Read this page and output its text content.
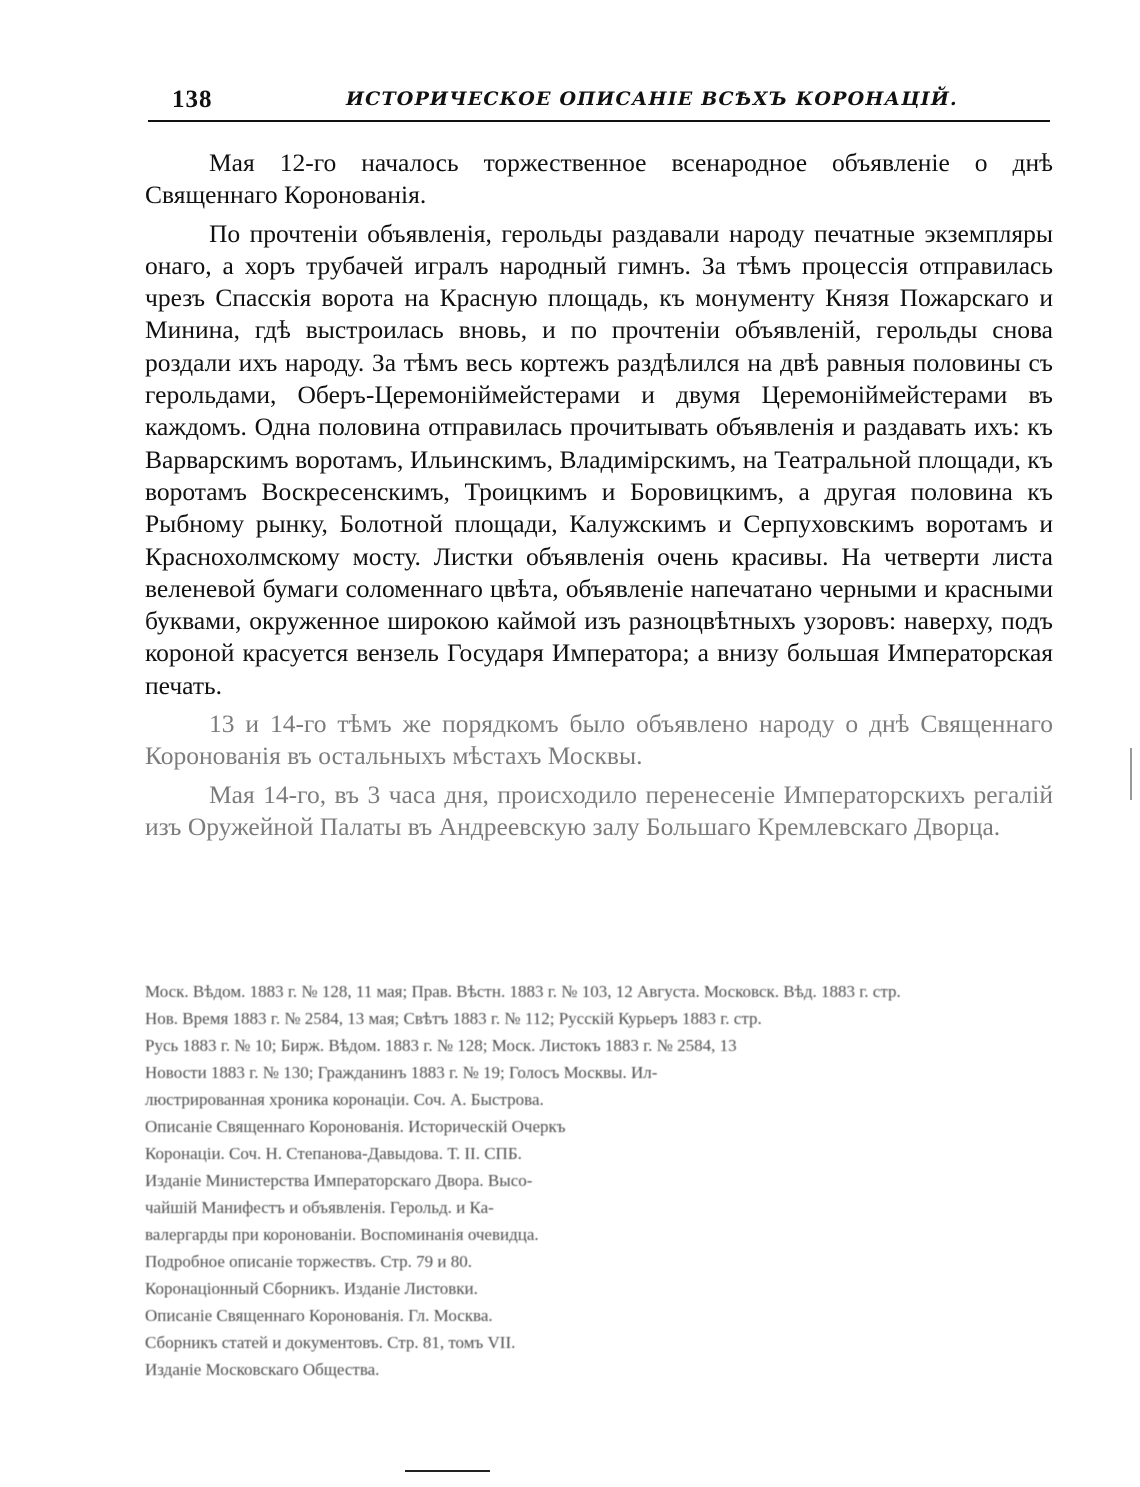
138	ИСТОРИЧЕСКОЕ ОПИСАНІЕ ВСѢХЪ КОРОНАЦІЙ.

Мая 12-го началось торжественное всенародное объявленіе о днѣ Священнаго Коронованія.

По прочтеніи объявленія, герольды раздавали народу печатные экземпляры онаго, а хоръ трубачей игралъ народный гимнъ. За тѣмъ процессія отправилась чрезъ Спасскія ворота на Красную площадь, къ монументу Князя Пожарскаго и Минина, гдѣ выстроилась вновь, и по прочтеніи объявленій, герольды снова роздали ихъ народу. За тѣмъ весь кортежъ раздѣлился на двѣ равныя половины съ герольдами, Оберъ-Церемоніймейстерами и двумя Церемоніймейстерами въ каждомъ. Одна половина отправилась прочитывать объявленія и раздавать ихъ: къ Варварскимъ воротамъ, Ильинскимъ, Владимірскимъ, на Театральной площади, къ воротамъ Воскресенскимъ, Троицкимъ и Боровицкимъ, а другая половина къ Рыбному рынку, Болотной площади, Калужскимъ и Серпуховскимъ воротамъ и Краснохолмскому мосту. Листки объявленія очень красивы. На четверти листа веленевой бумаги соломеннаго цвѣта, объявленіе напечатано черными и красными буквами, окруженное широкою каймой изъ разноцвѣтныхъ узоровъ: наверху, подъ короной красуется вензель Государя Императора; а внизу большая Императорская печать.

13 и 14-го тѣмъ же порядкомъ было объявлено народу о днѣ Священнаго Коронованія въ остальныхъ мѣстахъ Москвы.

Мая 14-го, въ 3 часа дня, происходило перенесеніе Императорскихъ регалій изъ Оружейной Палаты въ Андреевскую залу Большаго Кремлевскаго Дворца.

Моск. Вѣдом. 1883 г. № 128, 11 мая; Прав. Вѣстн. 1883 г. № 103, 12 Августа. Московск. Вѣд. 1883 г. стр.

Нов. Время 1883 г. № 2584, 13 мая; Свѣтъ 1883 г. № 112; Русскій Курьеръ 1883 г. стр.

Русь 1883 г. № 10; Бирж. Вѣдом. 1883 г. № 128; Моск. Листокъ 1883 г. № 2584, 13

Новости 1883 г. № 130; Гражданинъ 1883 г. № 19; Голосъ Москвы. Ил-

люстрированная хроника коронаціи. Соч. А. Быстрова.

Описаніе Священнаго Коронованія. Историческій Очеркъ

Коронаціи. Соч. Н. Степанова-Давыдова. Т. II. СПБ.

Изданіе Министерства Императорскаго Двора. Высо-

чайшій Манифестъ и объявленія. Герольд. и Ка-

валергарды при коронованіи. Воспоминанія очевидца.

Подробное описаніе торжествъ. Стр. 79 и 80.

Коронаціонный Сборникъ. Изданіе Листовки.

Описаніе Священнаго Коронованія. Гл. Москва.

Сборникъ статей и документовъ. Стр. 81, томъ VII.

Изданіе Московскаго Общества.
